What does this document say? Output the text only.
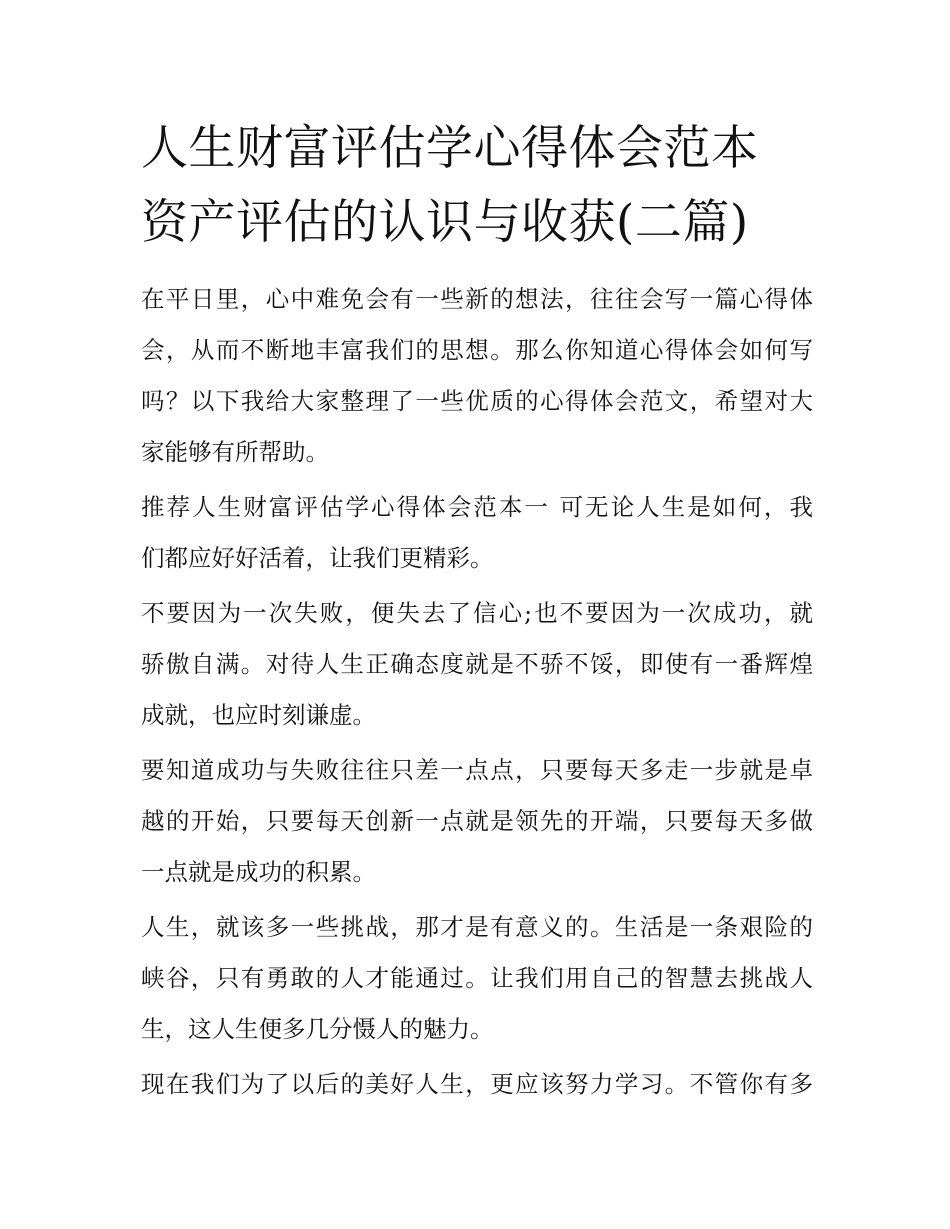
人生财富评估学心得体会范本
资产评估的认识与收获(二篇)

在平日里，心中难免会有一些新的想法，往往会写一篇心得体
会，从而不断地丰富我们的思想。那么你知道心得体会如何写
吗？以下我给大家整理了一些优质的心得体会范文，希望对大
家能够有所帮助。

推荐人生财富评估学心得体会范本一 可无论人生是如何，我
们都应好好活着，让我们更精彩。

不要因为一次失败，便失去了信心;也不要因为一次成功，就
骄傲自满。对待人生正确态度就是不骄不馁，即使有一番辉煌
成就，也应时刻谦虚。

要知道成功与失败往往只差一点点，只要每天多走一步就是卓
越的开始，只要每天创新一点就是领先的开端，只要每天多做
一点就是成功的积累。

人生，就该多一些挑战，那才是有意义的。生活是一条艰险的
峡谷，只有勇敢的人才能通过。让我们用自己的智慧去挑战人
生，这人生便多几分慑人的魅力。

现在我们为了以后的美好人生，更应该努力学习。不管你有多
